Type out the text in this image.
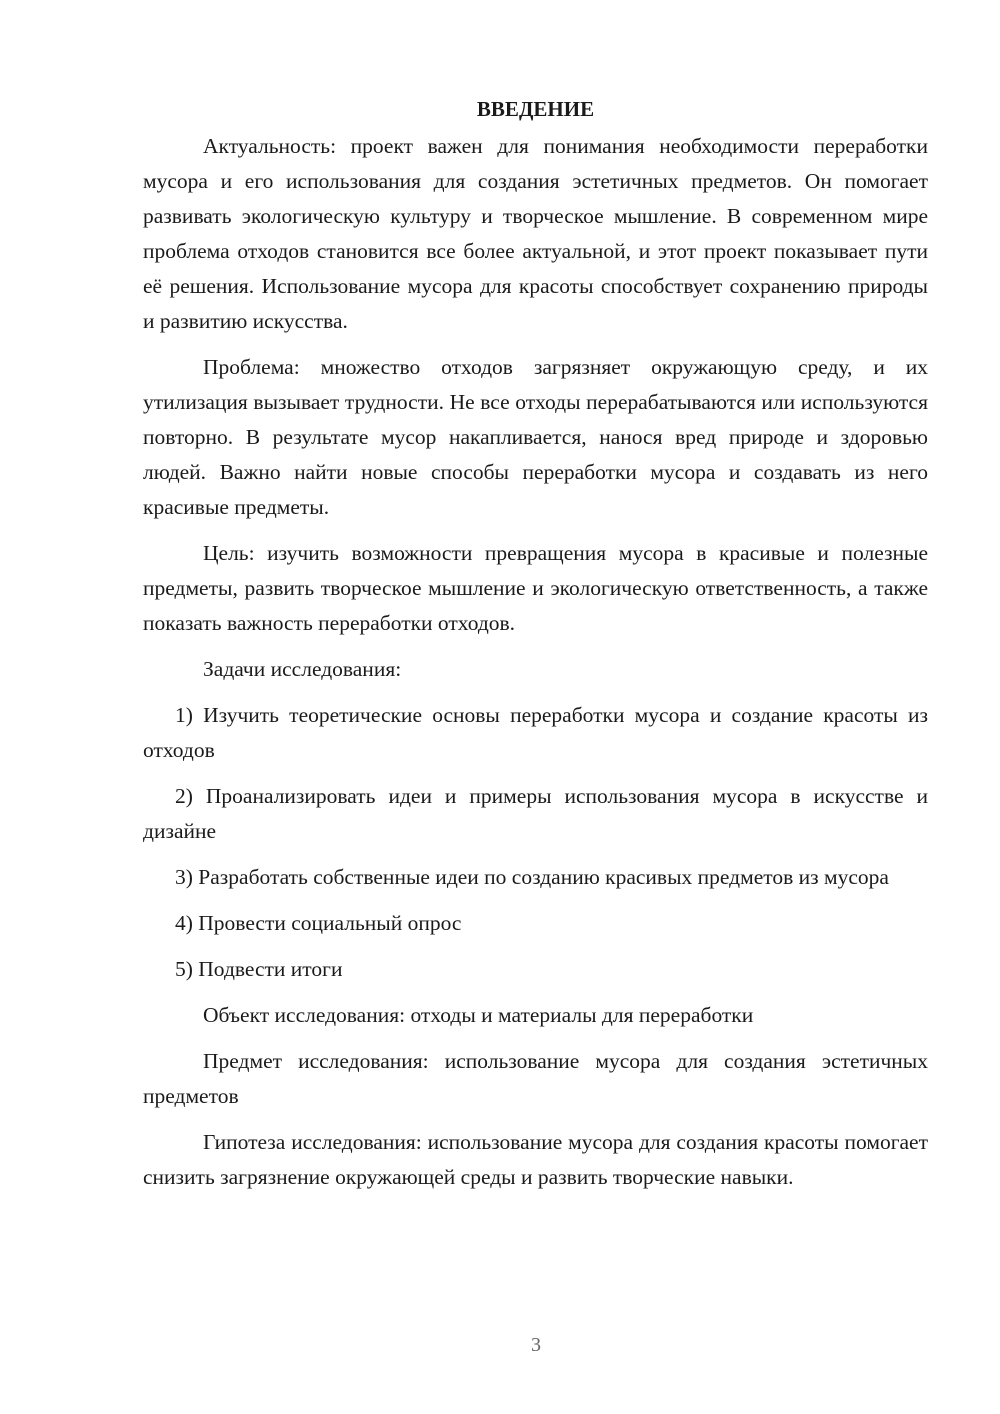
ВВЕДЕНИЕ

Актуальность: проект важен для понимания необходимости переработки мусора и его использования для создания эстетичных предметов. Он помогает развивать экологическую культуру и творческое мышление. В современном мире проблема отходов становится все более актуальной, и этот проект показывает пути её решения. Использование мусора для красоты способствует сохранению природы и развитию искусства.

Проблема: множество отходов загрязняет окружающую среду, и их утилизация вызывает трудности. Не все отходы перерабатываются или используются повторно. В результате мусор накапливается, нанося вред природе и здоровью людей. Важно найти новые способы переработки мусора и создавать из него красивые предметы.

Цель: изучить возможности превращения мусора в красивые и полезные предметы, развить творческое мышление и экологическую ответственность, а также показать важность переработки отходов.

Задачи исследования:

1) Изучить теоретические основы переработки мусора и создание красоты из отходов

2) Проанализировать идеи и примеры использования мусора в искусстве и дизайне

3) Разработать собственные идеи по созданию красивых предметов из мусора

4) Провести социальный опрос

5) Подвести итоги

Объект исследования: отходы и материалы для переработки

Предмет исследования: использование мусора для создания эстетичных предметов

Гипотеза исследования: использование мусора для создания красоты помогает снизить загрязнение окружающей среды и развить творческие навыки.

3
